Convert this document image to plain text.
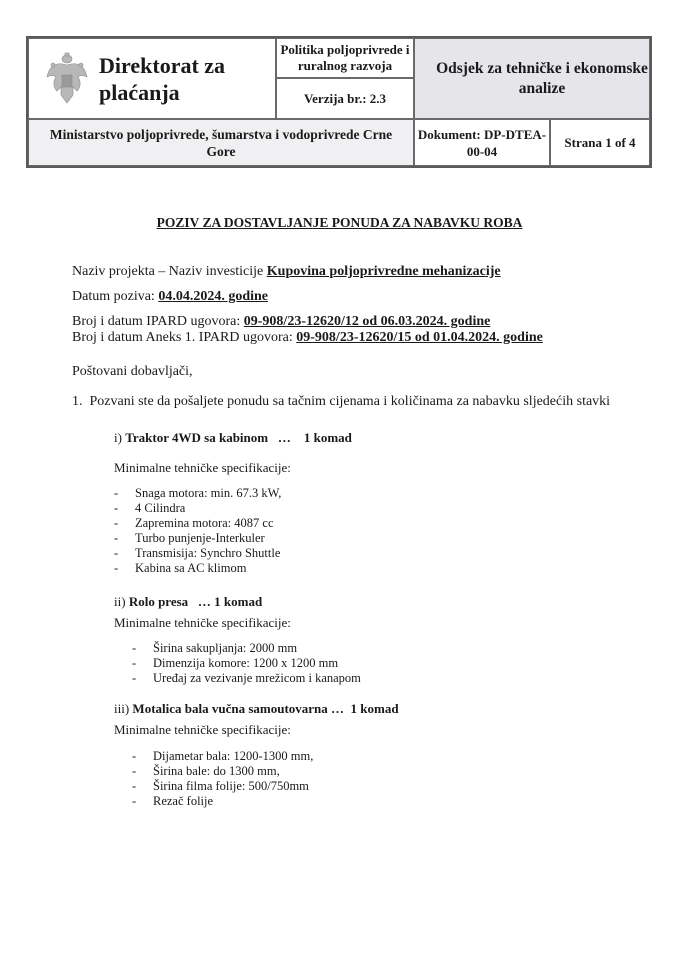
Direktorat za
plaćanja
Politika poljoprivrede i ruralnog razvoja
Verzija br.: 2.3
Odsjek za tehničke i ekonomske analize
Ministarstvo poljoprivrede, šumarstva i vodoprivrede Crne Gore
Dokument: DP-DTEA-00-04
Strana 1 of 4
POZIV ZA DOSTAVLJANJE PONUDA ZA NABAVKU ROBA
Naziv projekta – Naziv investicije Kupovina poljoprivredne mehanizacije
Datum poziva: 04.04.2024. godine
Broj i datum IPARD ugovora: 09-908/23-12620/12 od 06.03.2024. godine
Broj i datum Aneks 1. IPARD ugovora: 09-908/23-12620/15 od 01.04.2024. godine
Poštovani dobavljači,
1. Pozvani ste da pošaljete ponudu sa tačnim cijenama i količinama za nabavku sljedećih stavki
i) Traktor 4WD sa kabinom   …    1 komad
Minimalne tehničke specifikacije:
- Snaga motora: min. 67.3 kW,
- 4 Cilindra
- Zapremina motora: 4087 cc
- Turbo punjenje-Interkuler
- Transmisija: Synchro Shuttle
- Kabina sa AC klimom
ii) Rolo presa   … 1 komad
Minimalne tehničke specifikacije:
- Širina sakupljanja: 2000 mm
- Dimenzija komore: 1200 x 1200 mm
- Uređaj za vezivanje mrežicom i kanapom
iii) Motalica bala vučna samoutovarna …  1 komad
Minimalne tehničke specifikacije:
- Dijametar bala: 1200-1300 mm,
- Širina bale: do 1300 mm,
- Širina filma folije: 500/750mm
- Rezač folije
